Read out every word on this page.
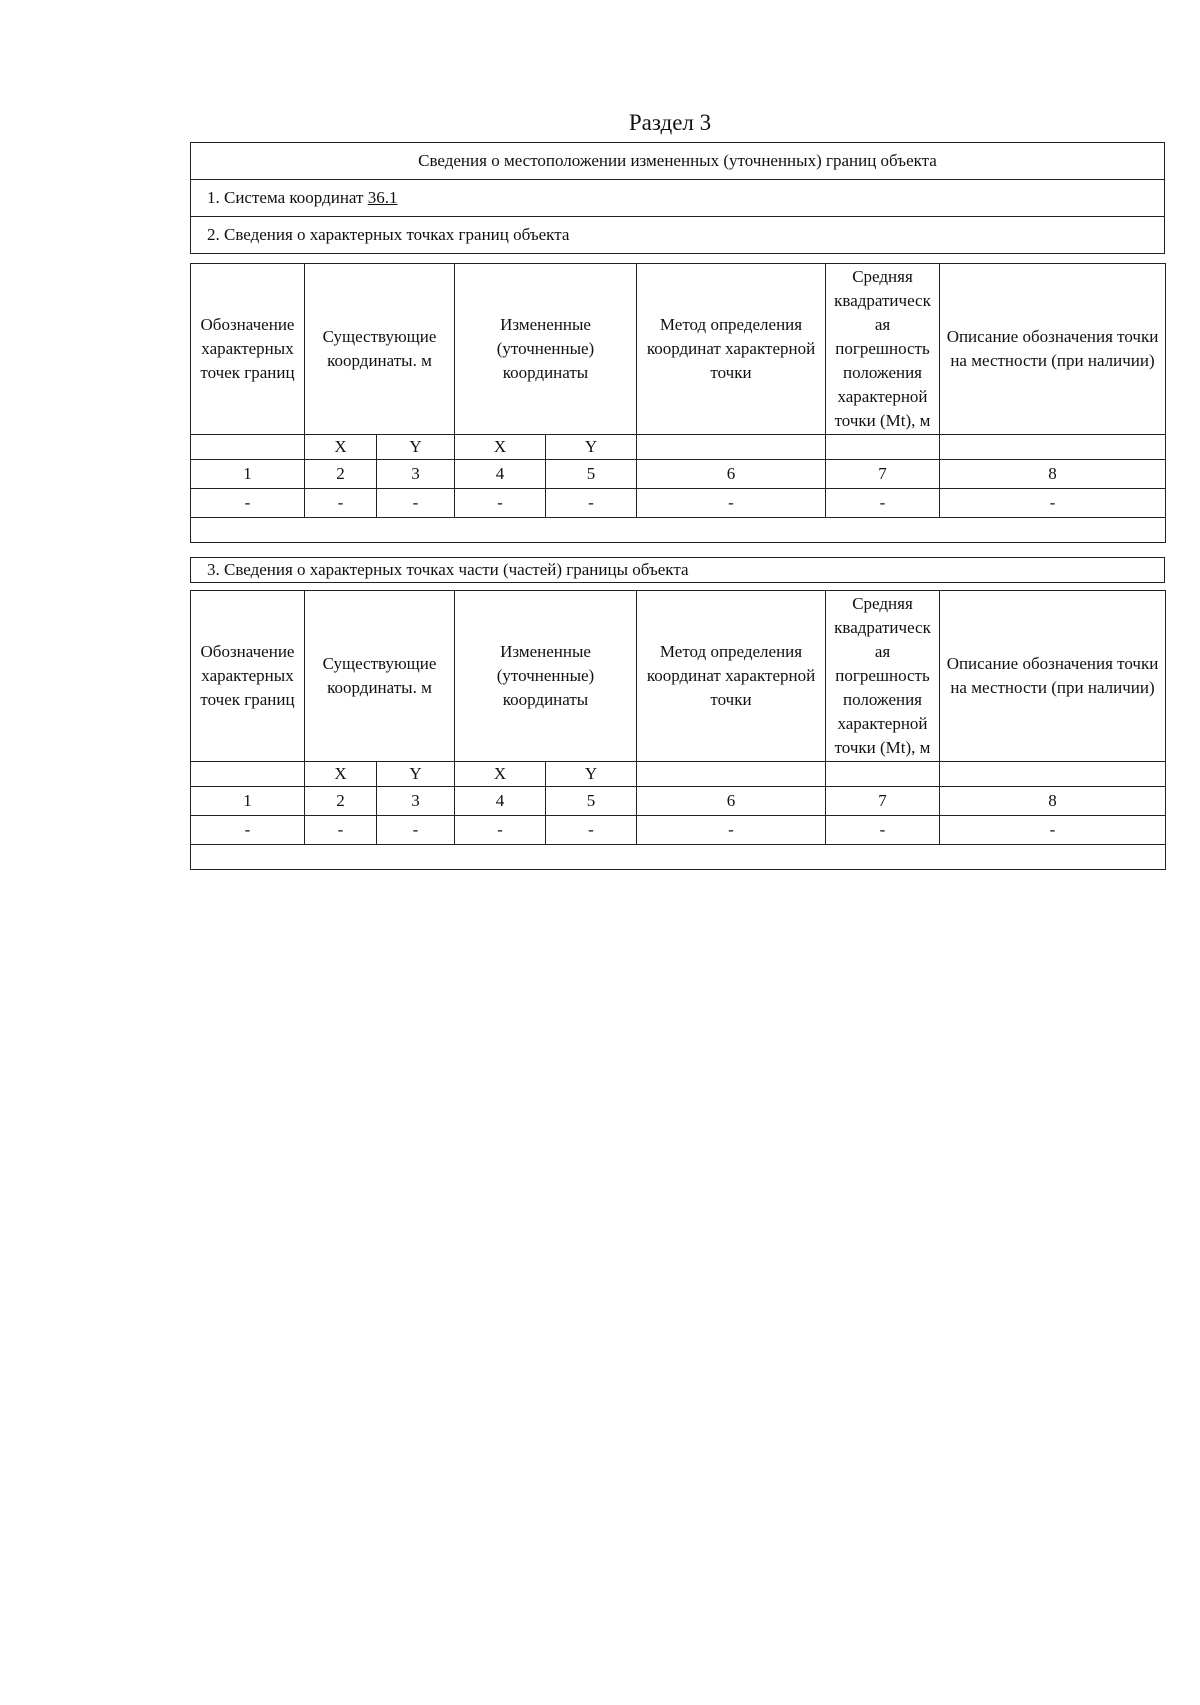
Раздел 3
Сведения о местоположении измененных (уточненных) границ объекта
1. Система координат 36.1
2. Сведения о характерных точках границ объекта
Обозначение характерных точек границ	Существующие координаты. м		Измененные (уточненные) координаты		Метод определения координат характерной точки	Средняя квадратическ ая погрешность положения характерной точки (Mt), м	Описание обозначения точки на местности (при наличии)
	X	Y	X	Y			
1	2	3	4	5	6	7	8
-	-	-	-	-	-	-	-

3. Сведения о характерных точках части (частей) границы объекта
Обозначение характерных точек границ	Существующие координаты. м		Измененные (уточненные) координаты		Метод определения координат характерной точки	Средняя квадратическ ая погрешность положения характерной точки (Mt), м	Описание обозначения точки на местности (при наличии)
	X	Y	X	Y			
1	2	3	4	5	6	7	8
-	-	-	-	-	-	-	-
